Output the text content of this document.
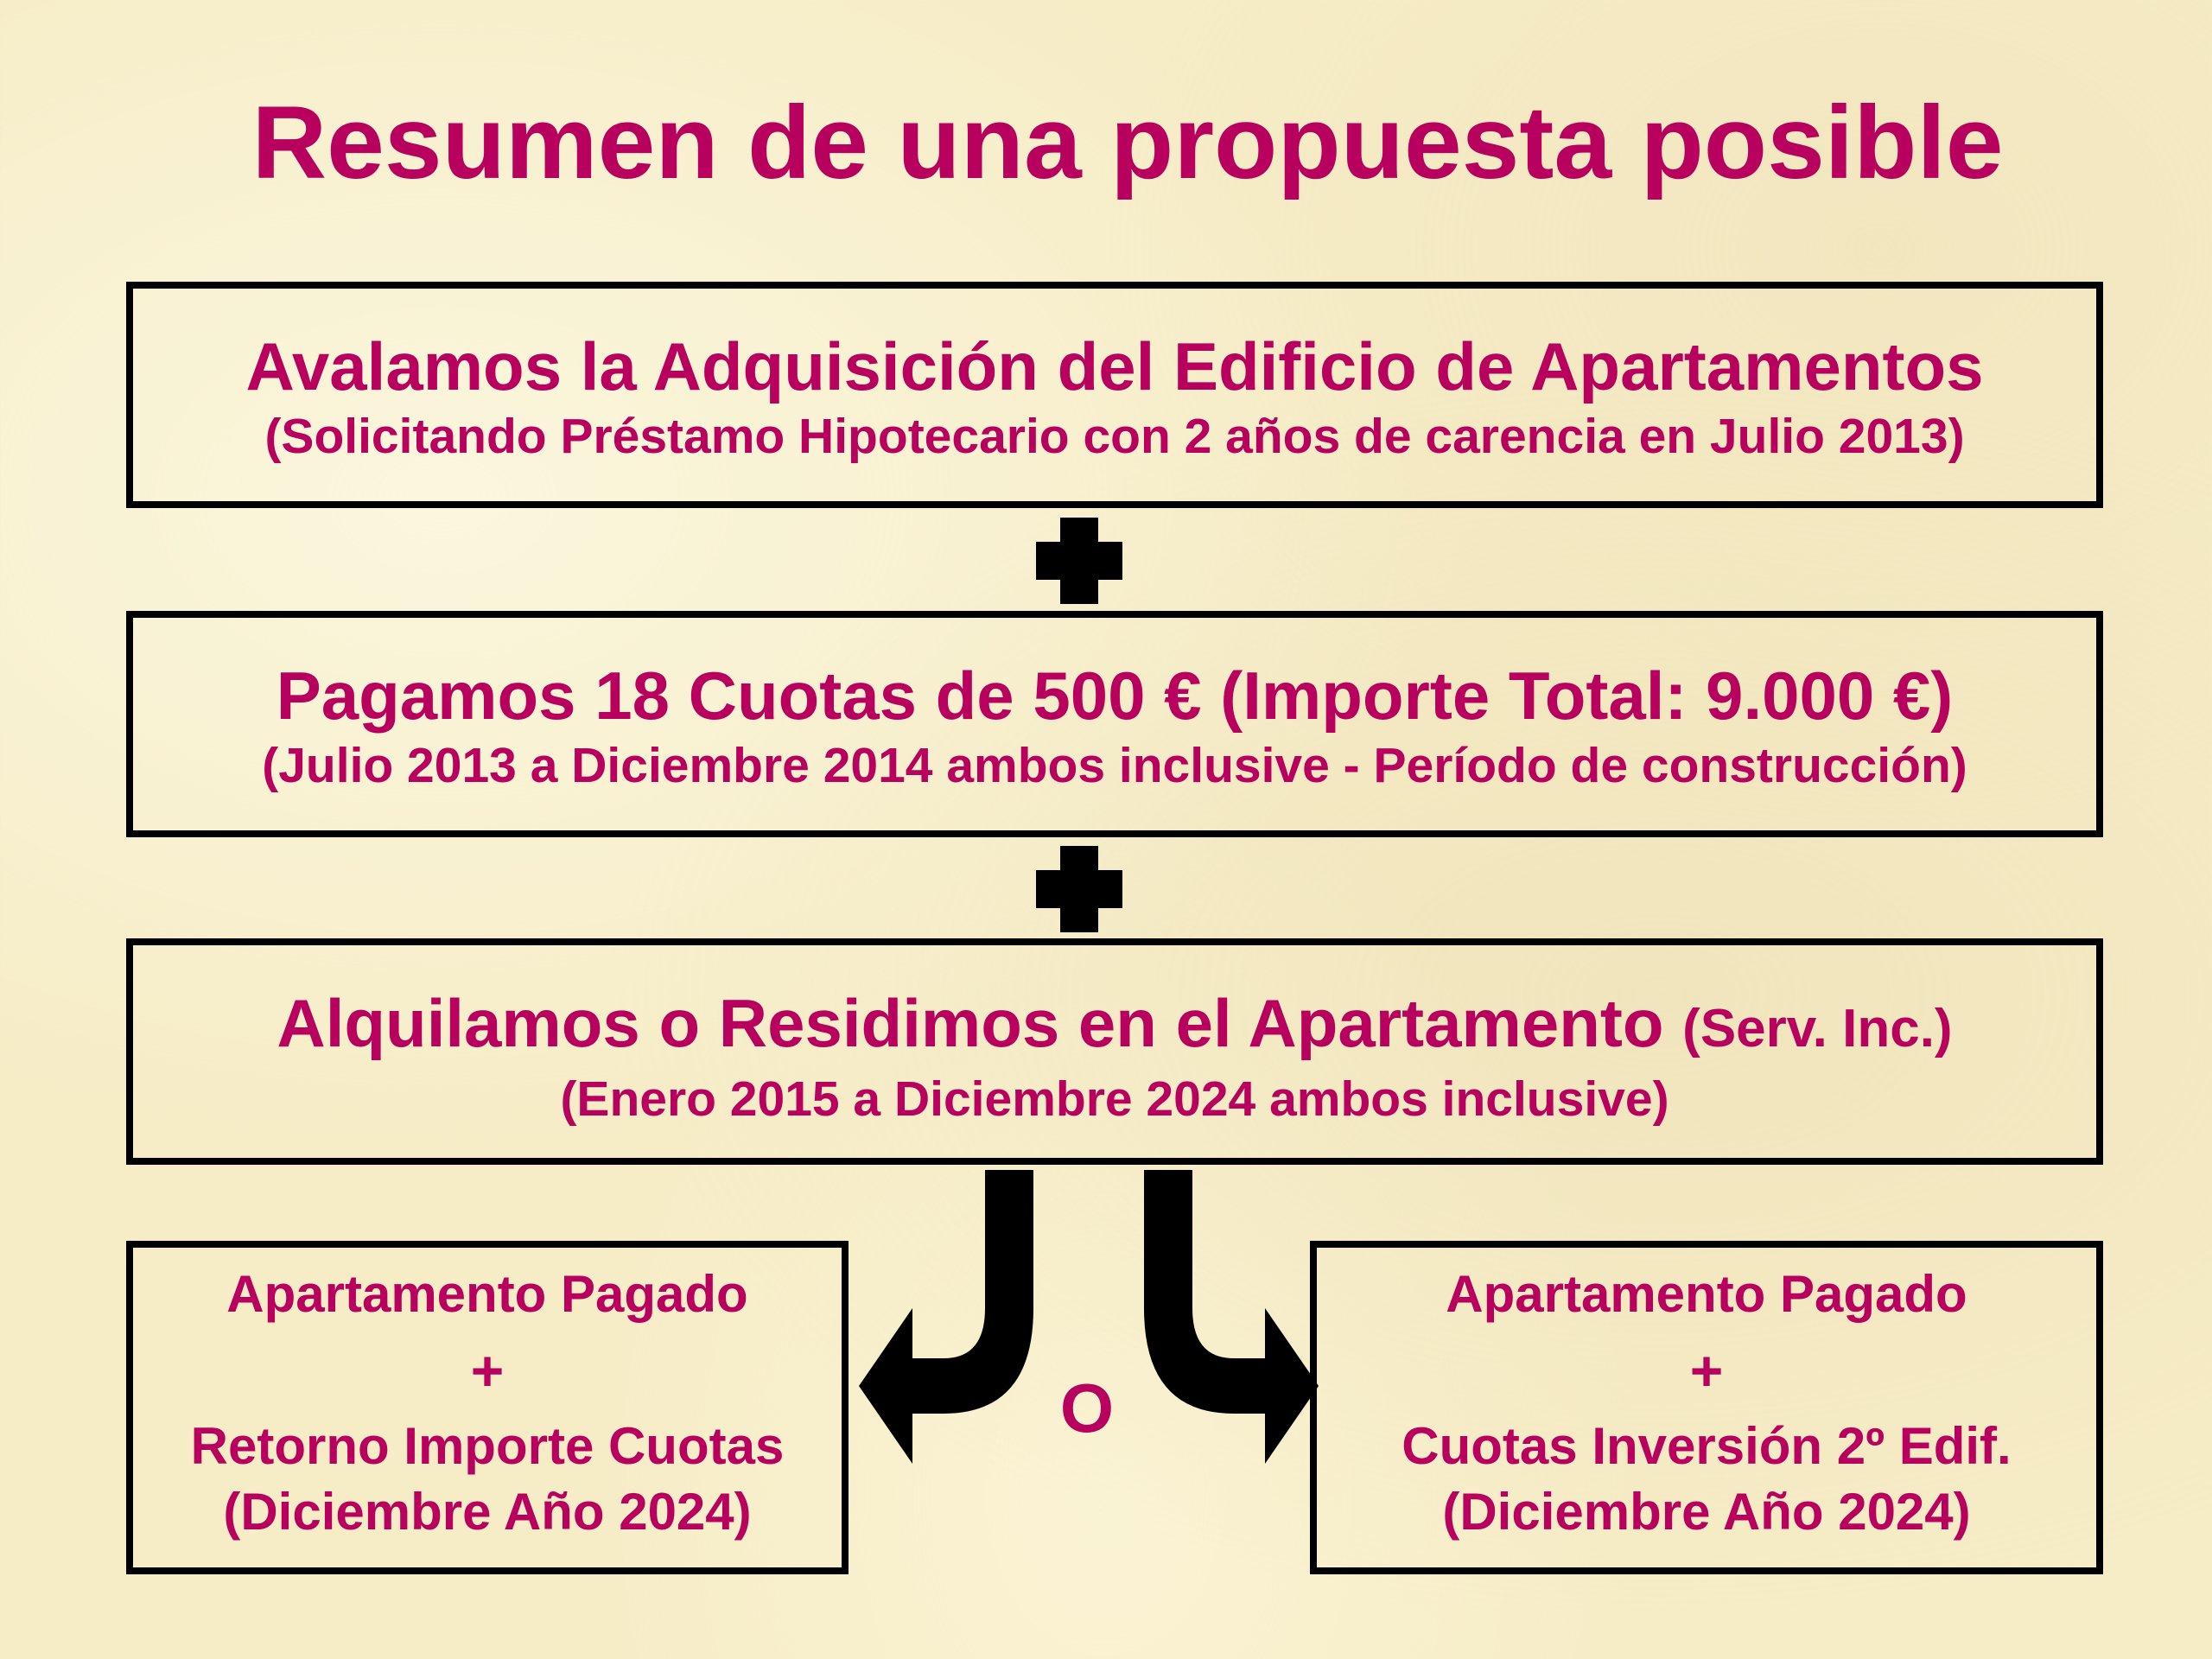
Resumen de una propuesta posible
Avalamos la Adquisición del Edificio de Apartamentos
(Solicitando Préstamo Hipotecario con 2 años de carencia en Julio 2013)
Pagamos 18 Cuotas de 500 € (Importe Total: 9.000 €)
(Julio 2013 a Diciembre 2014 ambos inclusive - Período de construcción)
Alquilamos o Residimos en el Apartamento (Serv. Inc.)
(Enero 2015 a Diciembre 2024 ambos inclusive)
O
Apartamento Pagado
+
Retorno Importe Cuotas
(Diciembre Año 2024)
Apartamento Pagado
+
Cuotas Inversión 2º Edif.
(Diciembre Año 2024)
